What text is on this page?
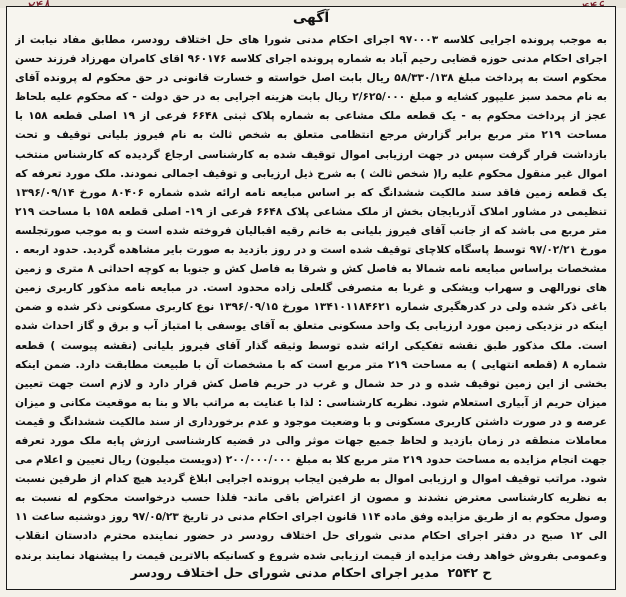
آگهی
به موجب پرونده اجرایی کلاسه ۹۷۰۰۰۳ اجرای احکام مدنی شورا های حل اختلاف رودسر، مطابق مفاد نیابت از اجرای احکام مدنی حوزه قضایی رحیم آباد به شماره پرونده اجرای کلاسه ۹۶۰۱۷۶ اقای کامران مهرزاد فرزند حسن محکوم است به پرداخت مبلغ ۵۸/۳۳۰/۱۳۸ ریال بابت اصل خواسته و خسارت قانونی در حق محکوم له پرونده آقای به نام محمد سبز علیپور کشایه و مبلغ ۲/۶۲۵/۰۰۰ ریال بابت هزینه اجرایی به در حق دولت - که محکوم علیه بلحاظ عجز از پرداخت محکوم به - یک قطعه ملک مشاعی به شماره پلاک ثبتی ۶۶۴۸ فرعی از ۱۹ اصلی قطعه ۱۵۸ با مساحت ۲۱۹ متر مربع برابر گزارش مرجع انتظامی متعلق به شخص ثالث به نام فیروز بلیانی توقیف و تحت بازداشت قرار گرفت سپس در جهت ارزیابی اموال توقیف شده به کارشناسی ارجاع گردیده که کارشناس منتخب اموال غیر منقول محکوم علیه را( شخص ثالث ) به شرح ذیل ارزیابی و توقیف اجمالی نمودند. ملک مورد تعرفه که یک قطعه زمین فاقد سند مالکیت ششدانگ که بر اساس مبایعه نامه ارائه شده شماره ۸۰۴۰۶ مورخ ۱۳۹۶/۰۹/۱۴ تنظیمی در مشاور املاک آذربایجان بخش از ملک مشاعی پلاک ۶۶۴۸ فرعی از ۱۹- اصلی قطعه ۱۵۸ با مساحت ۲۱۹ متر مربع می باشد که از جانب آقای فیروز بلیانی به خانم رقیه اقبالیان فروخته شده است و به موجب صورتجلسه مورخ ۹۷/۰۲/۲۱ توسط پاسگاه کلاچای توقیف شده است و در روز بازدید به صورت بایر مشاهده گردید. حدود اربعه . مشخصات براساس مبایعه نامه شمالا به فاصل کش و شرقا به فاصل کش و جنوبا به کوچه احداثی ۸ متری و زمین های نورالهی و سهراب ویشکی و غربا به متصرفی گلعلی زاده محدود است. در مبایعه نامه مذکور کاربری زمین باغی ذکر شده ولی در کدرهگیری شماره ۱۳۴۱۰۱۱۸۴۶۲۱ مورخ ۱۳۹۶/۰۹/۱۵ نوع کاربری مسکونی ذکر شده و ضمن اینکه در نزدیکی زمین مورد ارزیابی یک واحد مسکونی متعلق به آقای یوسفی با امتیاز آب و برق و گاز احداث شده است. ملک مذکور طبق نقشه تفکیکی ارائه شده توسط وثیقه گذار آقای فیروز بلیانی (نقشه پیوست ) قطعه شماره ۸ (قطعه انتهایی ) به مساحت ۲۱۹ متر مربع است که با مشخصات آن با طبیعت مطابقت دارد. ضمن اینکه بخشی از این زمین توقیف شده و در حد شمال و غرب در حریم فاصل کش قرار دارد و لازم است جهت تعیین میزان حریم از آبیاری استعلام شود. نظریه کارشناسی : لذا با عنایت به مراتب بالا و بنا به موقعیت مکانی و میزان عرصه و در صورت داشتن کاربری مسکونی و با وضعیت موجود و عدم برخورداری از سند مالکیت ششدانگ و قیمت معاملات منطقه در زمان بازدید و لحاظ جمیع جهات موثر والی در قضیه کارشناسی ارزش پایه ملک مورد تعرفه جهت انجام مزایده به مساحت حدود ۲۱۹ متر مربع کلا به مبلغ ۲۰۰/۰۰۰/۰۰۰ (دویست میلیون) ریال تعیین و اعلام می شود. مراتب توقیف اموال و ارزیابی اموال به طرفین ایجاب پرونده اجرایی ابلاغ گردید هیچ کدام از طرفین نسبت به نظریه کارشناسی معترض نشدند و مصون از اعتراض باقی ماند- فلذا حسب درخواست محکوم له نسبت به وصول محکوم به از طریق مزایده وفق ماده ۱۱۴ قانون اجرای احکام مدنی در تاریخ ۹۷/۰۵/۲۳ روز دوشنبه ساعت ۱۱ الی ۱۲ صبح در دفتر اجرای احکام مدنی شورای حل اختلاف رودسر در حضور نماینده محترم دادستان انقلاب وعمومی بفروش خواهد رفت مزایده از قیمت ارزیابی شده شروع و کسانیکه بالاترین قیمت را پیشنهاد نمایند برنده
ح ۲۵۴۲ مدیر اجرای احکام مدنی شورای حل اختلاف رودسر
